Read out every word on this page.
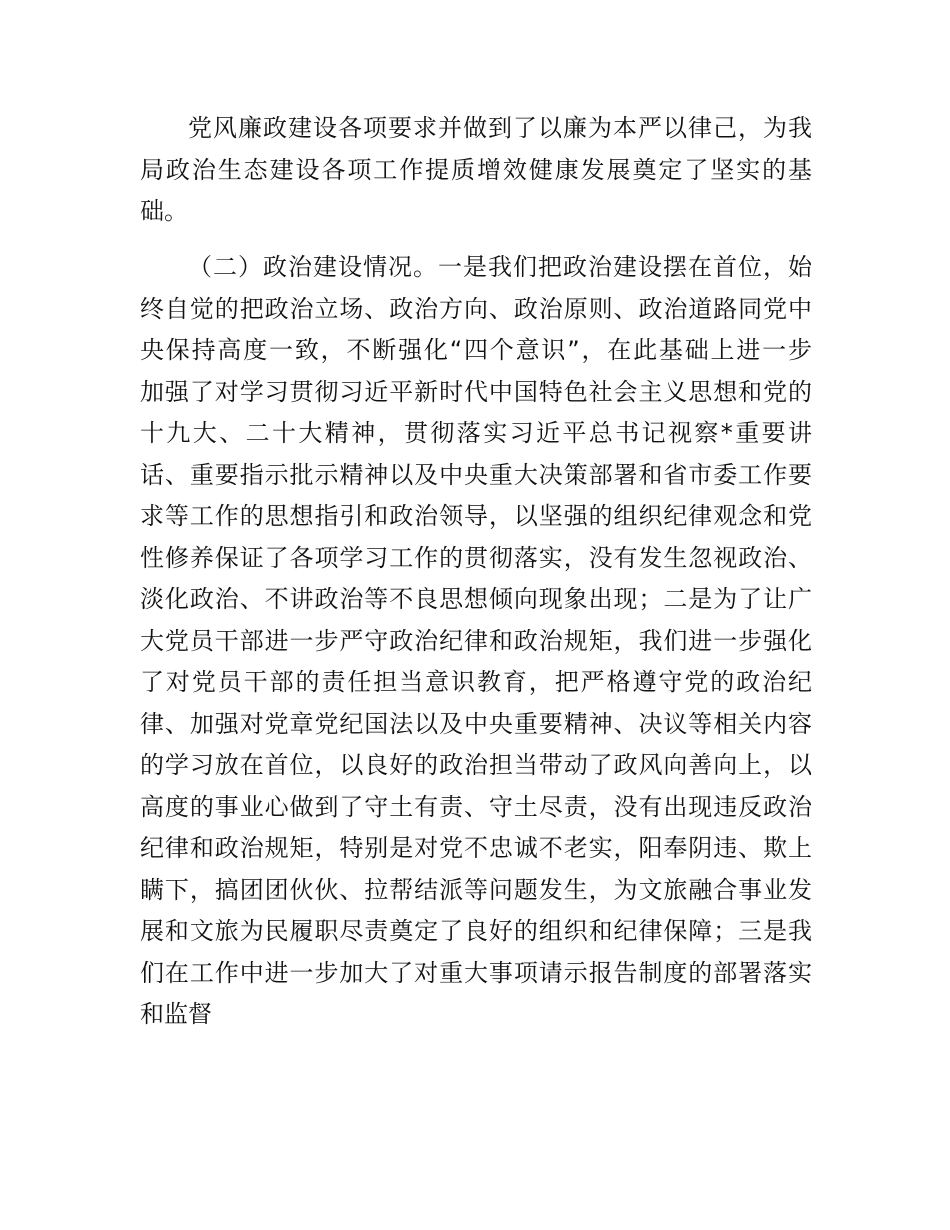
党风廉政建设各项要求并做到了以廉为本严以律己，为我
局政治生态建设各项工作提质增效健康发展奠定了坚实的基
础。
（二）政治建设情况。一是我们把政治建设摆在首位，始
终自觉的把政治立场、政治方向、政治原则、政治道路同党中
央保持高度一致，不断强化“四个意识”，在此基础上进一步
加强了对学习贯彻习近平新时代中国特色社会主义思想和党的
十九大、二十大精神，贯彻落实习近平总书记视察*重要讲
话、重要指示批示精神以及中央重大决策部署和省市委工作要
求等工作的思想指引和政治领导，以坚强的组织纪律观念和党
性修养保证了各项学习工作的贯彻落实，没有发生忽视政治、
淡化政治、不讲政治等不良思想倾向现象出现；二是为了让广
大党员干部进一步严守政治纪律和政治规矩，我们进一步强化
了对党员干部的责任担当意识教育，把严格遵守党的政治纪
律、加强对党章党纪国法以及中央重要精神、决议等相关内容
的学习放在首位，以良好的政治担当带动了政风向善向上，以
高度的事业心做到了守土有责、守土尽责，没有出现违反政治
纪律和政治规矩，特别是对党不忠诚不老实，阳奉阴违、欺上
瞒下，搞团团伙伙、拉帮结派等问题发生，为文旅融合事业发
展和文旅为民履职尽责奠定了良好的组织和纪律保障；三是我
们在工作中进一步加大了对重大事项请示报告制度的部署落实
和监督
